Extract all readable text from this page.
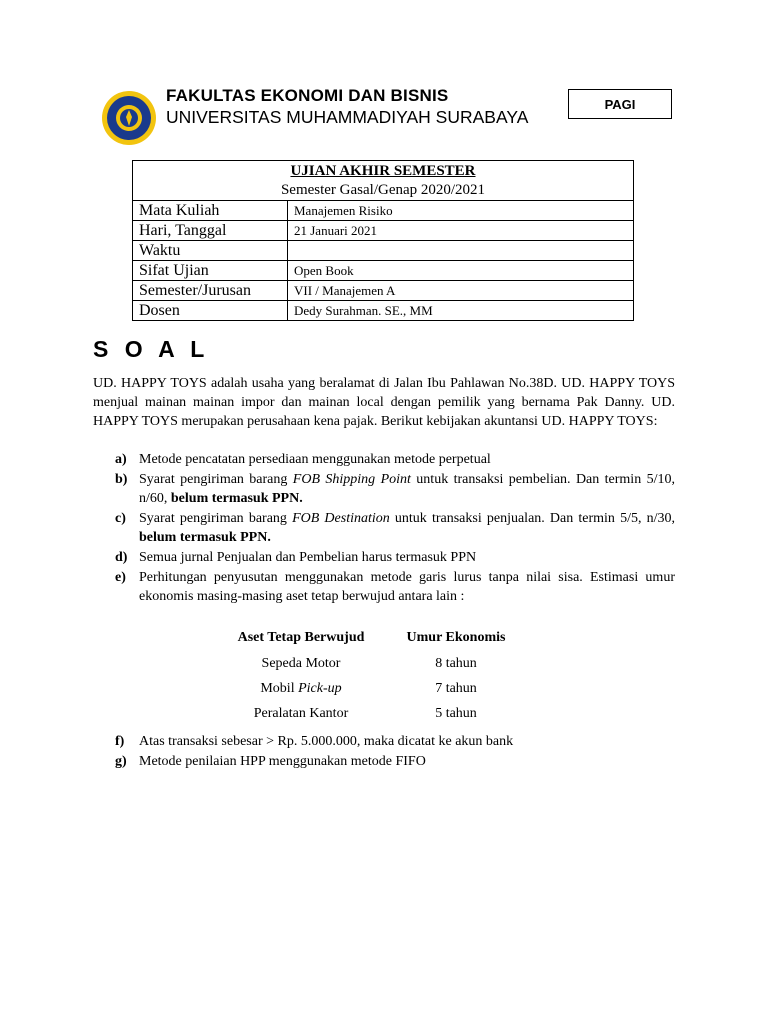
FAKULTAS EKONOMI DAN BISNIS
UNIVERSITAS MUHAMMADIYAH SURABAYA
PAGI
UJIAN AKHIR SEMESTER	
Semester Gasal/Genap 2020/2021	
Mata Kuliah	Manajemen Risiko
Hari, Tanggal	21 Januari 2021
Waktu	
Sifat Ujian	Open Book
Semester/Jurusan	VII / Manajemen A
Dosen	Dedy Surahman. SE., MM
S O A L
UD. HAPPY TOYS adalah usaha yang beralamat di Jalan Ibu Pahlawan No.38D. UD. HAPPY TOYS menjual mainan mainan impor dan mainan local dengan pemilik yang bernama Pak Danny. UD. HAPPY TOYS merupakan perusahaan kena pajak. Berikut kebijakan akuntansi UD. HAPPY TOYS:
a) Metode pencatatan persediaan menggunakan metode perpetual
b) Syarat pengiriman barang FOB Shipping Point untuk transaksi pembelian. Dan termin 5/10, n/60, belum termasuk PPN.
c) Syarat pengiriman barang FOB Destination untuk transaksi penjualan. Dan termin 5/5, n/30, belum termasuk PPN.
d) Semua jurnal Penjualan dan Pembelian harus termasuk PPN
e) Perhitungan penyusutan menggunakan metode garis lurus tanpa nilai sisa. Estimasi umur ekonomis masing-masing aset tetap berwujud antara lain :
Aset Tetap Berwujud	Umur Ekonomis
Sepeda Motor	8 tahun
Mobil Pick-up	7 tahun
Peralatan Kantor	5 tahun
f) Atas transaksi sebesar > Rp. 5.000.000, maka dicatat ke akun bank
g) Metode penilaian HPP menggunakan metode FIFO
